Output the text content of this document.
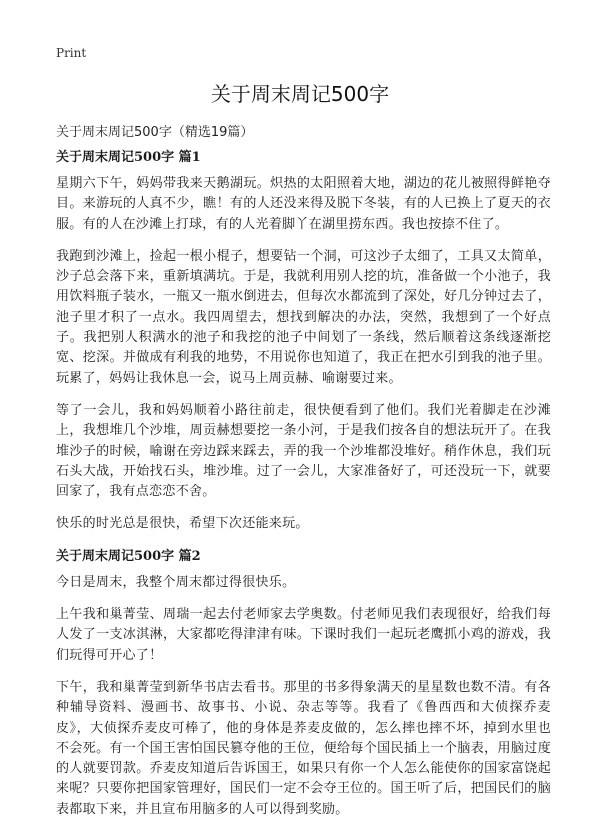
Print
关于周末周记500字
关于周末周记500字（精选19篇）
关于周末周记500字 篇1

星期六下午，妈妈带我来天鹅湖玩。炽热的太阳照着大地，湖边的花儿被照得鲜艳夺目。来游玩的人真不少，瞧！有的人还没来得及脱下冬装，有的人已换上了夏天的衣服。有的人在沙滩上打球，有的人光着脚丫在湖里捞东西。我也按捺不住了。

我跑到沙滩上，捡起一根小棍子，想要钻一个洞，可这沙子太细了，工具又太简单，沙子总会落下来，重新填满坑。于是，我就利用别人挖的坑，准备做一个小池子，我用饮料瓶子装水，一瓶又一瓶水倒进去，但每次水都流到了深处，好几分钟过去了，池子里才积了一点水。我四周望去，想找到解决的办法，突然，我想到了一个好点子。我把别人积满水的池子和我挖的池子中间划了一条线，然后顺着这条线逐渐挖宽、挖深。并做成有利我的地势，不用说你也知道了，我正在把水引到我的池子里。玩累了，妈妈让我休息一会，说马上周贡赫、喻谢要过来。

等了一会儿，我和妈妈顺着小路往前走，很快便看到了他们。我们光着脚走在沙滩上，我想堆几个沙堆，周贡赫想要挖一条小河，于是我们按各自的想法玩开了。在我堆沙子的时候，喻谢在旁边踩来踩去，弄的我一个沙堆都没堆好。稍作休息，我们玩石头大战，开始找石头，堆沙堆。过了一会儿，大家准备好了，可还没玩一下，就要回家了，我有点恋恋不舍。

快乐的时光总是很快，希望下次还能来玩。

关于周末周记500字 篇2

今日是周末，我整个周末都过得很快乐。

上午我和巢菁莹、周瑞一起去付老师家去学奥数。付老师见我们表现很好，给我们每人发了一支冰淇淋，大家都吃得津津有味。下课时我们一起玩老鹰抓小鸡的游戏，我们玩得可开心了！

下午，我和巢菁莹到新华书店去看书。那里的书多得象满天的星星数也数不清。有各种辅导资料、漫画书、故事书、小说、杂志等等。我看了《鲁西西和大侦探乔麦皮》，大侦探乔麦皮可棒了，他的身体是荞麦皮做的，怎么摔也摔不坏，掉到水里也不会死。有一个国王害怕国民篡夺他的王位，便给每个国民插上一个脑表，用脑过度的人就要罚款。乔麦皮知道后告诉国王，如果只有你一个人怎么能使你的国家富饶起来呢？只要你把国家管理好，国民们一定不会夺王位的。国王听了后，把国民们的脑表都取下来，并且宣布用脑多的人可以得到奖励。
